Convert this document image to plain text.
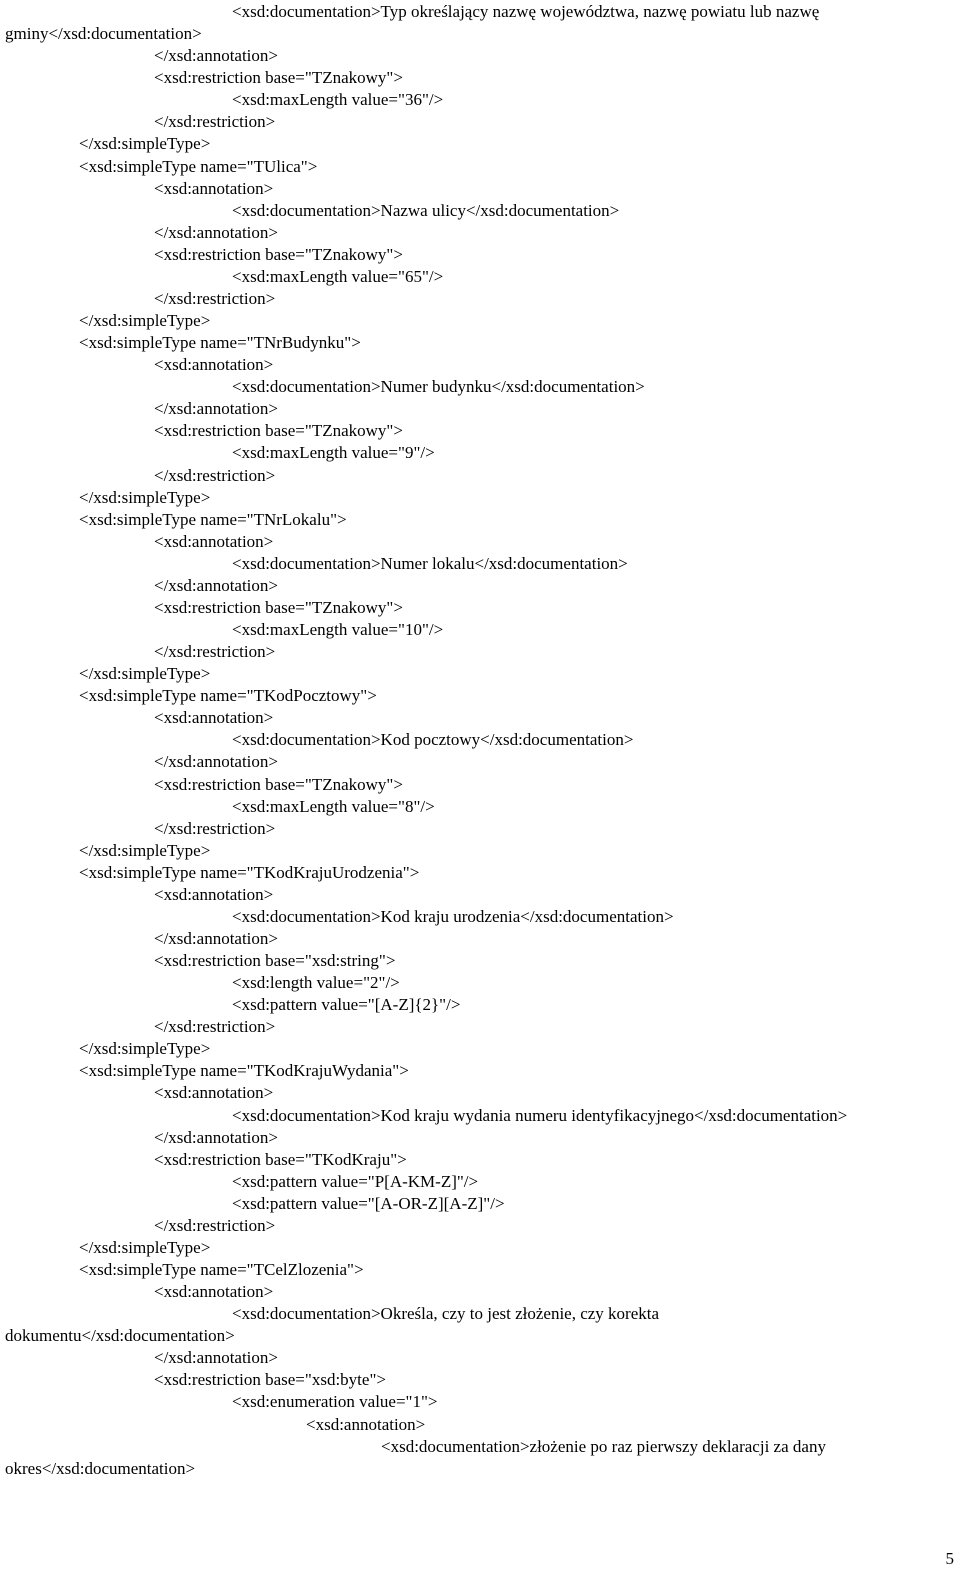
<xsd:documentation>Typ określający nazwę województwa, nazwę powiatu lub nazwę
gminy</xsd:documentation>
</xsd:annotation>
<xsd:restriction base="TZnakowy">
<xsd:maxLength value="36"/>
</xsd:restriction>
</xsd:simpleType>
<xsd:simpleType name="TUlica">
<xsd:annotation>
<xsd:documentation>Nazwa ulicy</xsd:documentation>
</xsd:annotation>
<xsd:restriction base="TZnakowy">
<xsd:maxLength value="65"/>
</xsd:restriction>
</xsd:simpleType>
<xsd:simpleType name="TNrBudynku">
<xsd:annotation>
<xsd:documentation>Numer budynku</xsd:documentation>
</xsd:annotation>
<xsd:restriction base="TZnakowy">
<xsd:maxLength value="9"/>
</xsd:restriction>
</xsd:simpleType>
<xsd:simpleType name="TNrLokalu">
<xsd:annotation>
<xsd:documentation>Numer lokalu</xsd:documentation>
</xsd:annotation>
<xsd:restriction base="TZnakowy">
<xsd:maxLength value="10"/>
</xsd:restriction>
</xsd:simpleType>
<xsd:simpleType name="TKodPocztowy">
<xsd:annotation>
<xsd:documentation>Kod pocztowy</xsd:documentation>
</xsd:annotation>
<xsd:restriction base="TZnakowy">
<xsd:maxLength value="8"/>
</xsd:restriction>
</xsd:simpleType>
<xsd:simpleType name="TKodKrajuUrodzenia">
<xsd:annotation>
<xsd:documentation>Kod kraju urodzenia</xsd:documentation>
</xsd:annotation>
<xsd:restriction base="xsd:string">
<xsd:length value="2"/>
<xsd:pattern value="[A-Z]{2}"/>
</xsd:restriction>
</xsd:simpleType>
<xsd:simpleType name="TKodKrajuWydania">
<xsd:annotation>
<xsd:documentation>Kod kraju wydania numeru identyfikacyjnego</xsd:documentation>
</xsd:annotation>
<xsd:restriction base="TKodKraju">
<xsd:pattern value="P[A-KM-Z]"/>
<xsd:pattern value="[A-OR-Z][A-Z]"/>
</xsd:restriction>
</xsd:simpleType>
<xsd:simpleType name="TCelZlozenia">
<xsd:annotation>
<xsd:documentation>Określa, czy to jest złożenie, czy korekta
dokumentu</xsd:documentation>
</xsd:annotation>
<xsd:restriction base="xsd:byte">
<xsd:enumeration value="1">
<xsd:annotation>
<xsd:documentation>złożenie po raz pierwszy deklaracji za dany
okres</xsd:documentation>
5
